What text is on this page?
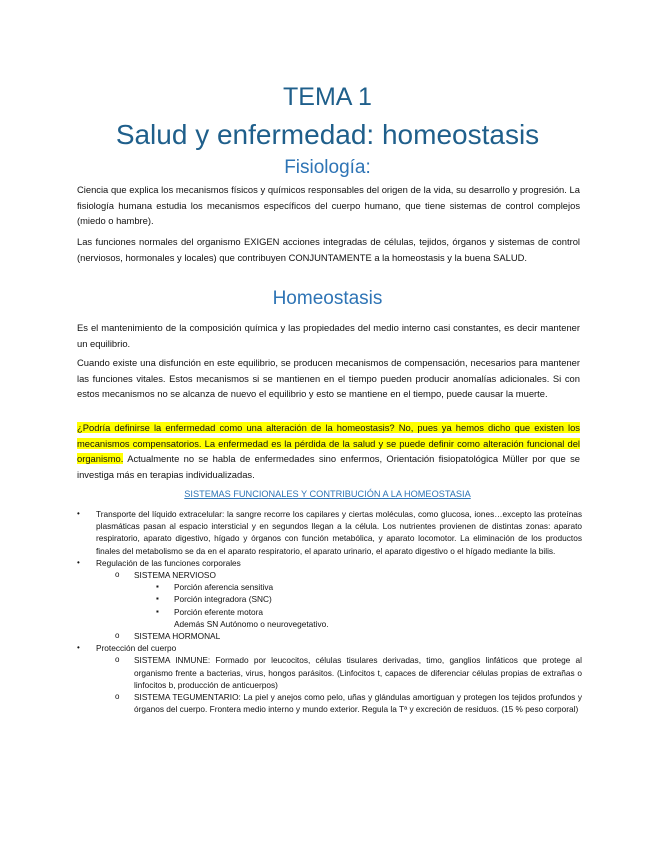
TEMA 1
Salud y enfermedad: homeostasis
Fisiología:

Ciencia que explica los mecanismos físicos y químicos responsables del origen de la vida, su desarrollo y progresión. La fisiología humana estudia los mecanismos específicos del cuerpo humano, que tiene sistemas de control complejos (miedo o hambre).

Las funciones normales del organismo EXIGEN acciones integradas de células, tejidos, órganos y sistemas de control (nerviosos, hormonales y locales) que contribuyen CONJUNTAMENTE a la homeostasis y la buena SALUD.

Homeostasis

Es el mantenimiento de la composición química y las propiedades del medio interno casi constantes, es decir mantener un equilibrio.

Cuando existe una disfunción en este equilibrio, se producen mecanismos de compensación, necesarios para mantener las funciones vitales. Estos mecanismos si se mantienen en el tiempo pueden producir anomalías adicionales. Si con estos mecanismos no se alcanza de nuevo el equilibrio y esto se mantiene en el tiempo, puede causar la muerte.

¿Podría definirse la enfermedad como una alteración de la homeostasis? No, pues ya hemos dicho que existen los mecanismos compensatorios. La enfermedad es la pérdida de la salud y se puede definir como alteración funcional del organismo. Actualmente no se habla de enfermedades sino enfermos, Orientación fisiopatológica Müller por que se investiga más en terapias individualizadas.

SISTEMAS FUNCIONALES Y CONTRIBUCIÓN A LA HOMEOSTASIA
• Transporte del líquido extracelular: la sangre recorre los capilares y ciertas moléculas, como glucosa, iones…excepto las proteínas plasmáticas pasan al espacio intersticial y en segundos llegan a la célula. Los nutrientes provienen de distintas zonas: aparato respiratorio, aparato digestivo, hígado y órganos con función metabólica, y aparato locomotor. La eliminación de los productos finales del metabolismo se da en el aparato respiratorio, el aparato urinario, el aparato digestivo o el hígado mediante la bilis.
• Regulación de las funciones corporales
o SISTEMA NERVIOSO
▪ Porción aferencia sensitiva
▪ Porción integradora (SNC)
▪ Porción eferente motora
Además SN Autónomo o neurovegetativo.
o SISTEMA HORMONAL
• Protección del cuerpo
o SISTEMA INMUNE: Formado por leucocitos, células tisulares derivadas, timo, ganglios linfáticos que protege al organismo frente a bacterias, virus, hongos parásitos. (Linfocitos t, capaces de diferenciar células propias de extrañas o linfocitos b, producción de anticuerpos)
o SISTEMA TEGUMENTARIO: La piel y anejos como pelo, uñas y glándulas amortiguan y protegen los tejidos profundos y órganos del cuerpo. Frontera medio interno y mundo exterior. Regula la Tª y excreción de residuos. (15 % peso corporal)
